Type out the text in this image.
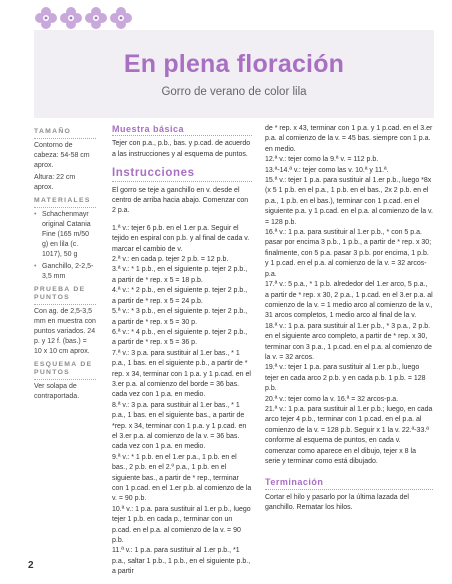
En plena floración
Gorro de verano de color lila
TAMAÑO

Contorno de cabeza: 54-58 cm aprox.

Altura: 22 cm aprox.

MATERIALES

• Schachenmayr original Catania Fine (165 m/50 g) en lila (c. 1017), 50 g

• Ganchillo, 2-2,5-3,5 mm

PRUEBA DE PUNTOS

Con ag. de 2,5-3,5 mm en muestra con puntos variados. 24 p. y 12 f. (bas.) = 10 x 10 cm aprox.

ESQUEMA DE PUNTOS

Ver solapa de contraportada.

Muestra básica

Tejer con p.a., p.b., bas. y p.cad. de acuerdo a las instrucciones y al esquema de puntos.

Instrucciones

El gorro se teje a ganchillo en v. desde el centro de arriba hacia abajo. Comenzar con 2 p.a.

1.ª v.: tejer 6 p.b. en el 1.er p.a. Seguir el tejido en espiral con p.b. y al final de cada v. marcar el cambio de v.

2.ª v.: en cada p. tejer 2 p.b. = 12 p.b.

3.ª v.: * 1 p.b., en el siguiente p. tejer 2 p.b., a partir de * rep. x 5 = 18 p.b.

4.ª v.: * 2 p.b., en el siguiente p. tejer 2 p.b., a partir de * rep. x 5 = 24 p.b.

5.ª v.: * 3 p.b., en el siguiente p. tejer 2 p.b., a partir de * rep. x 5 = 30 p.

6.ª v.: * 4 p.b., en el siguiente p. tejer 2 p.b., a partir de * rep. x 5 = 36 p.

7.ª v.: 3 p.a. para sustituir al 1.er bas., * 1 p.a., 1 bas. en el siguiente p.b., a partir de * rep. x 34, terminar con 1 p.a. y 1 p.cad. en el 3.er p.a. al comienzo del borde = 36 bas. cada vez con 1 p.a. en medio.

8.ª v.: 3 p.a. para sustituir al 1.er bas., * 1 p.a., 1 bas. en el siguiente bas., a partir de *rep. x 34, terminar con 1 p.a. y 1 p.cad. en el 3.er p.a. al comienzo de la v. = 36 bas. cada vez con 1 p.a. en medio.

9.ª v.: * 1 p.b. en el 1.er p.a., 1 p.b. en el bas., 2 p.b. en el 2.º p.a., 1 p.b. en el siguiente bas., a partir de * rep., terminar con 1 p.cad. en el 1.er p.b. al comienzo de la v. = 90 p.b.

10.ª v.: 1 p.a. para sustituir al 1.er p.b., luego tejer 1 p.b. en cada p., terminar con un p.cad. en el p.a. al comienzo de la v. = 90 p.b.

11.ª v.: 1 p.a. para sustituir al 1.er p.b., *1 p.a., saltar 1 p.b., 1 p.b., en el siguiente p.b., a partir

de * rep. x 43, terminar con 1 p.a. y 1 p.cad. en el 3.er p.a. al comienzo de la v. = 45 bas. siempre con 1 p.a. en medio.

12.ª v.: tejer como la 9.ª v. = 112 p.b.

13.ª-14.ª v.: tejer como las v. 10.ª y 11.ª.

15.ª v.: tejer 1 p.a. para sustituir al 1.er p.b., luego *8x (x 5 1 p.b. en el p.a., 1 p.b. en el bas., 2x 2 p.b. en el p.a., 1 p.b. en el bas.), terminar con 1 p.cad. en el siguiente p.a. y 1 p.cad. en el p.a. al comienzo de la v. = 128 p.b.

16.ª v.: 1 p.a. para sustituir al 1.er p.b., * con 5 p.a. pasar por encima 3 p.b., 1 p.b., a partir de * rep. x 30; finalmente, con 5 p.a. pasar 3 p.b. por encima, 1 p.b. y 1 p.cad. en el p.a. al comienzo de la v. = 32 arcos-p.a.

17.ª v.: 5 p.a., * 1 p.b. alrededor del 1.er arco, 5 p.a., a partir de * rep. x 30, 2 p.a., 1 p.cad. en el 3.er p.a. al comienzo de la v. = 1 medio arco al comienzo de la v., 31 arcos completos, 1 medio arco al final de la v.

18.ª v.: 1 p.a. para sustituir al 1.er p.b., * 3 p.a., 2 p.b. en el siguiente arco completo, a partir de * rep. x 30, terminar con 3 p.a., 1 p.cad. en el p.a. al comienzo de la v. = 32 arcos.

19.ª v.: tejer 1 p.a. para sustituir al 1.er p.b., luego tejer en cada arco 2 p.b. y en cada p.b. 1 p.b. = 128 p.b.

20.ª v.: tejer como la v. 16.ª = 32 arcos-p.a.

21.ª v.: 1 p.a. para sustituir al 1.er p.b.; luego, en cada arco tejer 4 p.b., terminar con 1 p.cad. en el p.a. al comienzo de la v. = 128 p.b. Seguir x 1 la v. 22.ª-33.ª conforme al esquema de puntos, en cada v. comenzar como aparece en el dibujo, tejer x 8 la serie y terminar como está dibujado.

Terminación

Cortar el hilo y pasarlo por la última lazada del ganchillo. Rematar los hilos.

2
